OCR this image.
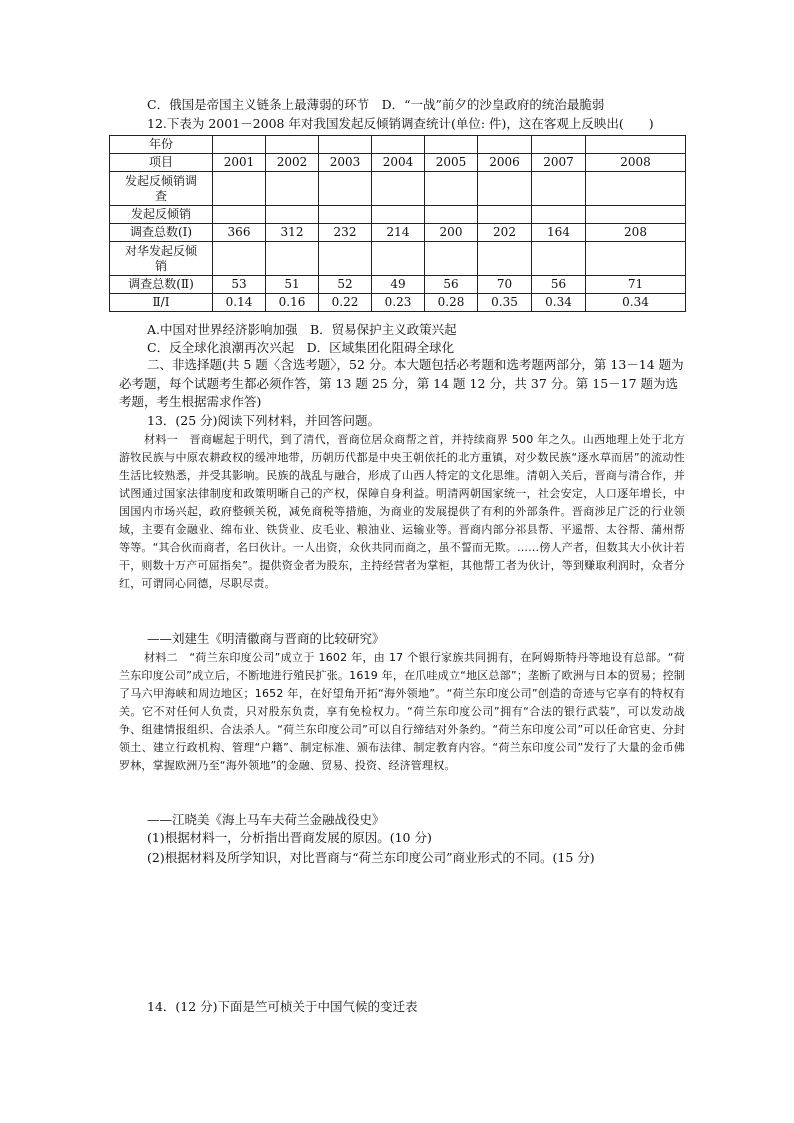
C．俄国是帝国主义链条上最薄弱的环节　D．“一战”前夕的沙皇政府的统治最脆弱
12.下表为 2001－2008 年对我国发起反倾销调查统计(单位: 件)，这在客观上反映出(　　)
年份								
项目	2001	2002	2003	2004	2005	2006	2007	2008

发起反倾销调
查								

发起反倾销								
调查总数(Ⅰ)	366	312	232	214	200	202	164	208

对华发起反倾
销								

调查总数(Ⅱ)	53	51	52	49	56	70	56	71
Ⅱ/Ⅰ	0.14	0.16	0.22	0.23	0.28	0.35	0.34	0.34
A.中国对世界经济影响加强　B．贸易保护主义政策兴起
C．反全球化浪潮再次兴起　D．区域集团化阻碍全球化

二、非选择题(共 5 题〈含选考题〉，52 分。本大题包括必考题和选考题两部分，第 13－14 题为必考题，每个试题考生都必须作答，第 13 题 25 分，第 14 题 12 分，共 37 分。第 15－17 题为选考题，考生根据需求作答)

13．(25 分)阅读下列材料，并回答问题。

材料一　晋商崛起于明代，到了清代，晋商位居众商帮之首，并持续商界 500 年之久。山西地理上处于北方游牧民族与中原农耕政权的缓冲地带，历朝历代都是中央王朝依托的北方重镇，对少数民族“逐水草而居”的流动性生活比较熟悉，并受其影响。民族的战乱与融合，形成了山西人特定的文化思维。清朝入关后，晋商与清合作，并试图通过国家法律制度和政策明晰自己的产权，保障自身利益。明清两朝国家统一，社会安定，人口逐年增长，中国国内市场兴起，政府整顿关税，减免商税等措施，为商业的发展提供了有利的外部条件。晋商涉足广泛的行业领域，主要有金融业、绵布业、铁货业、皮毛业、粮油业、运输业等。晋商内部分祁县帮、平遥帮、太谷帮、蒲州帮等等。“其合伙而商者，名曰伙计。一人出资，众伙共同而商之，虽不誓而无欺。……傍人产者，但数其大小伙计若干，则数十万产可屈指矣”。提供资金者为股东，主持经营者为掌柜，其他帮工者为伙计，等到赚取利润时，众者分红，可谓同心同德，尽职尽责。

——刘建生《明清徽商与晋商的比较研究》

材料二　“荷兰东印度公司”成立于 1602 年，由 17 个银行家族共同拥有，在阿姆斯特丹等地设有总部。“荷兰东印度公司”成立后，不断地进行殖民扩张。1619 年，在爪哇成立“地区总部”；垄断了欧洲与日本的贸易；控制了马六甲海峡和周边地区；1652 年，在好望角开拓“海外领地”。“荷兰东印度公司”创造的奇迹与它享有的特权有关。它不对任何人负责，只对股东负责，享有免检权力。“荷兰东印度公司”拥有“合法的银行武装”，可以发动战争、组建情报组织、合法杀人。“荷兰东印度公司”可以自行缔结对外条约。“荷兰东印度公司”可以任命官吏、分封领土、建立行政机构、管理“户籍”、制定标准、颁布法律、制定教育内容。“荷兰东印度公司”发行了大量的金币佛罗林，掌握欧洲乃至“海外领地”的金融、贸易、投资、经济管理权。

——江晓美《海上马车夫荷兰金融战役史》
(1)根据材料一，分析指出晋商发展的原因。(10 分)
(2)根据材料及所学知识，对比晋商与“荷兰东印度公司”商业形式的不同。(15 分)
14．(12 分)下面是竺可桢关于中国气候的变迁表
